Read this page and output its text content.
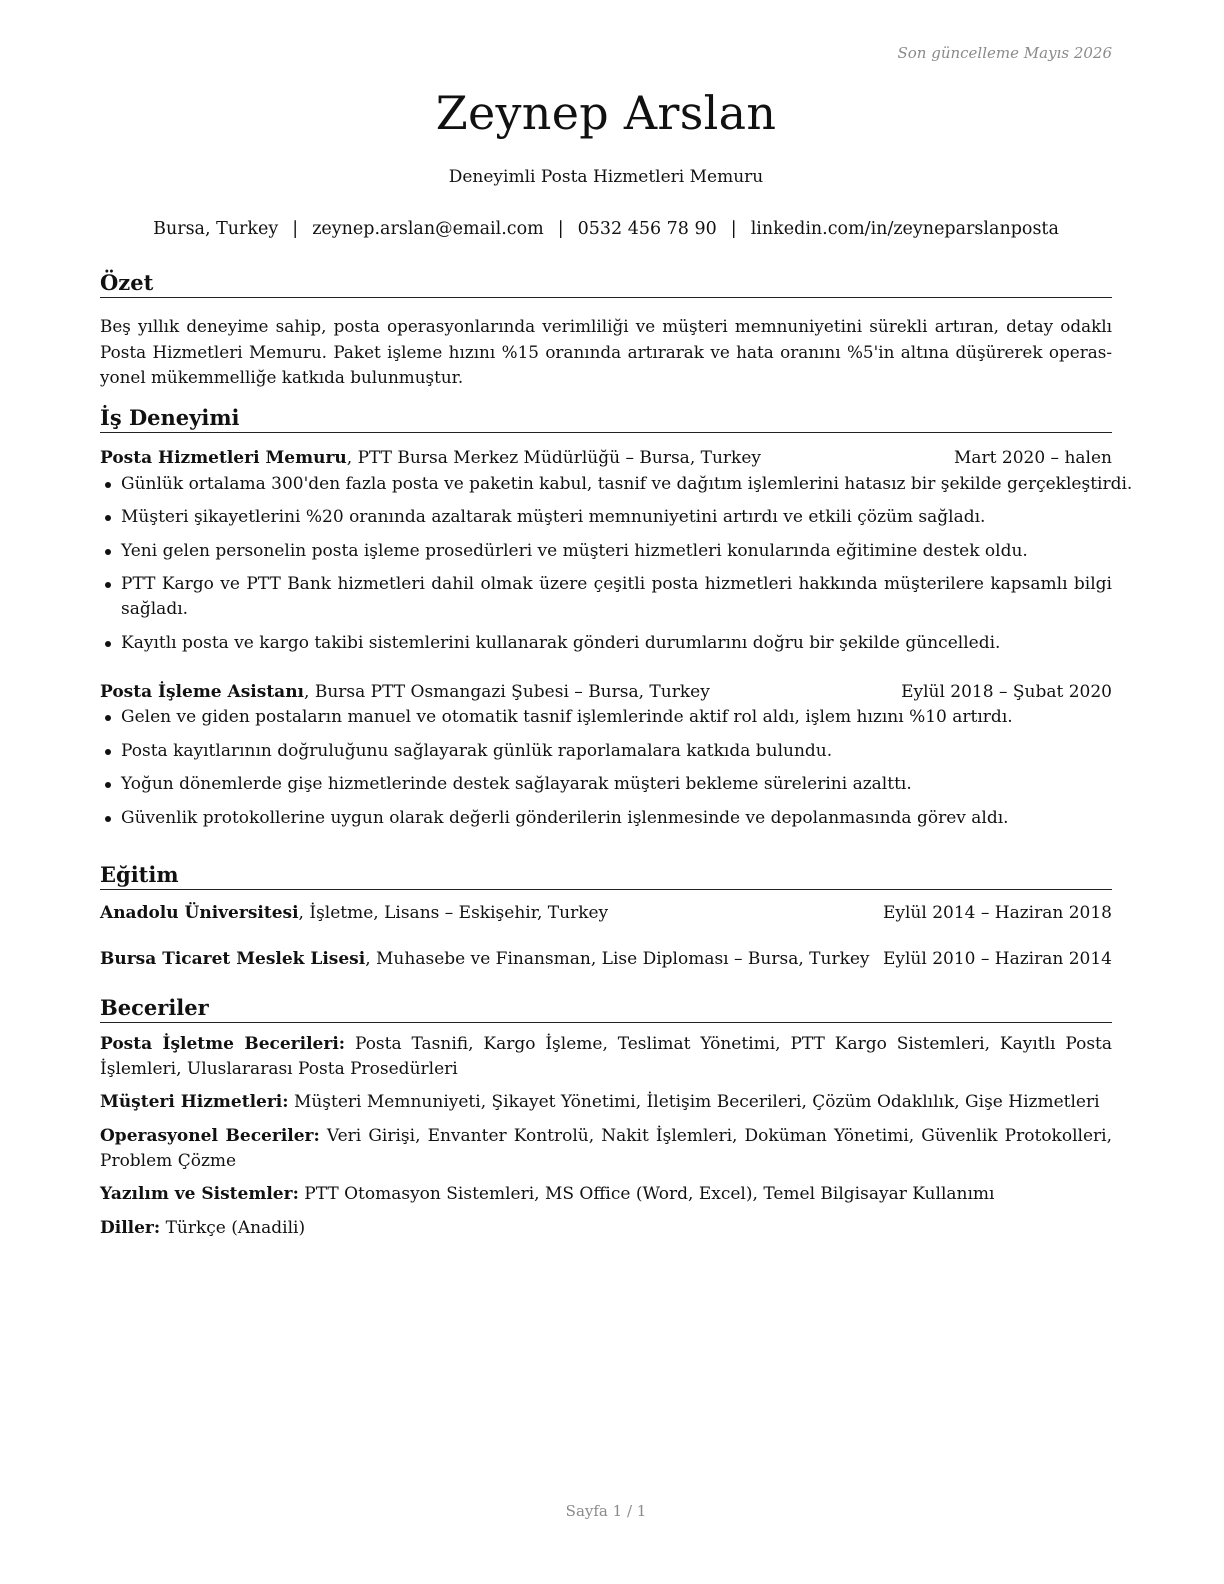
Son güncelleme Mayıs 2026
Zeynep Arslan
Deneyimli Posta Hizmetleri Memuru
Bursa, Turkey | zeynep.arslan@email.com | 0532 456 78 90 | linkedin.com/in/zeyneparslanposta
Özet

Beş yıllık deneyime sahip, posta operasyonlarında verimliliği ve müşteri memnuniyetini sürekli artıran, detay odaklı Posta Hizmetleri Memuru. Paket işleme hızını %15 oranında artırarak ve hata oranını %5'in altına düşürerek operasyonel mükemmelliğe katkıda bulunmuştur.

İş Deneyimi
Posta Hizmetleri Memuru, PTT Bursa Merkez Müdürlüğü – Bursa, Turkey	Mart 2020 – halen
Günlük ortalama 300'den fazla posta ve paketin kabul, tasnif ve dağıtım işlemlerini hatasız bir şekilde gerçekleştirdi.
Müşteri şikayetlerini %20 oranında azaltarak müşteri memnuniyetini artırdı ve etkili çözüm sağladı.
Yeni gelen personelin posta işleme prosedürleri ve müşteri hizmetleri konularında eğitimine destek oldu.
PTT Kargo ve PTT Bank hizmetleri dahil olmak üzere çeşitli posta hizmetleri hakkında müşterilere kapsamlı bilgi sağladı.
Kayıtlı posta ve kargo takibi sistemlerini kullanarak gönderi durumlarını doğru bir şekilde güncelledi.
Posta İşleme Asistanı, Bursa PTT Osmangazi Şubesi – Bursa, Turkey	Eylül 2018 – Şubat 2020
Gelen ve giden postaların manuel ve otomatik tasnif işlemlerinde aktif rol aldı, işlem hızını %10 artırdı.
Posta kayıtlarının doğruluğunu sağlayarak günlük raporlamalara katkıda bulundu.
Yoğun dönemlerde gişe hizmetlerinde destek sağlayarak müşteri bekleme sürelerini azalttı.
Güvenlik protokollerine uygun olarak değerli gönderilerin işlenmesinde ve depolanmasında görev aldı.
Eğitim
Anadolu Üniversitesi, İşletme, Lisans – Eskişehir, Turkey	Eylül 2014 – Haziran 2018
Bursa Ticaret Meslek Lisesi, Muhasebe ve Finansman, Lise Diploması – Bursa, Turkey Eylül 2010 – Haziran 2014
Beceriler

Posta İşletme Becerileri: Posta Tasnifi, Kargo İşleme, Teslimat Yönetimi, PTT Kargo Sistemleri, Kayıtlı Posta İşlemleri, Uluslararası Posta Prosedürleri

Müşteri Hizmetleri: Müşteri Memnuniyeti, Şikayet Yönetimi, İletişim Becerileri, Çözüm Odaklılık, Gişe Hizmetleri

Operasyonel Beceriler: Veri Girişi, Envanter Kontrolü, Nakit İşlemleri, Doküman Yönetimi, Güvenlik Protokolleri, Problem Çözme

Yazılım ve Sistemler: PTT Otomasyon Sistemleri, MS Office (Word, Excel), Temel Bilgisayar Kullanımı

Diller: Türkçe (Anadili)

Sayfa 1 / 1
